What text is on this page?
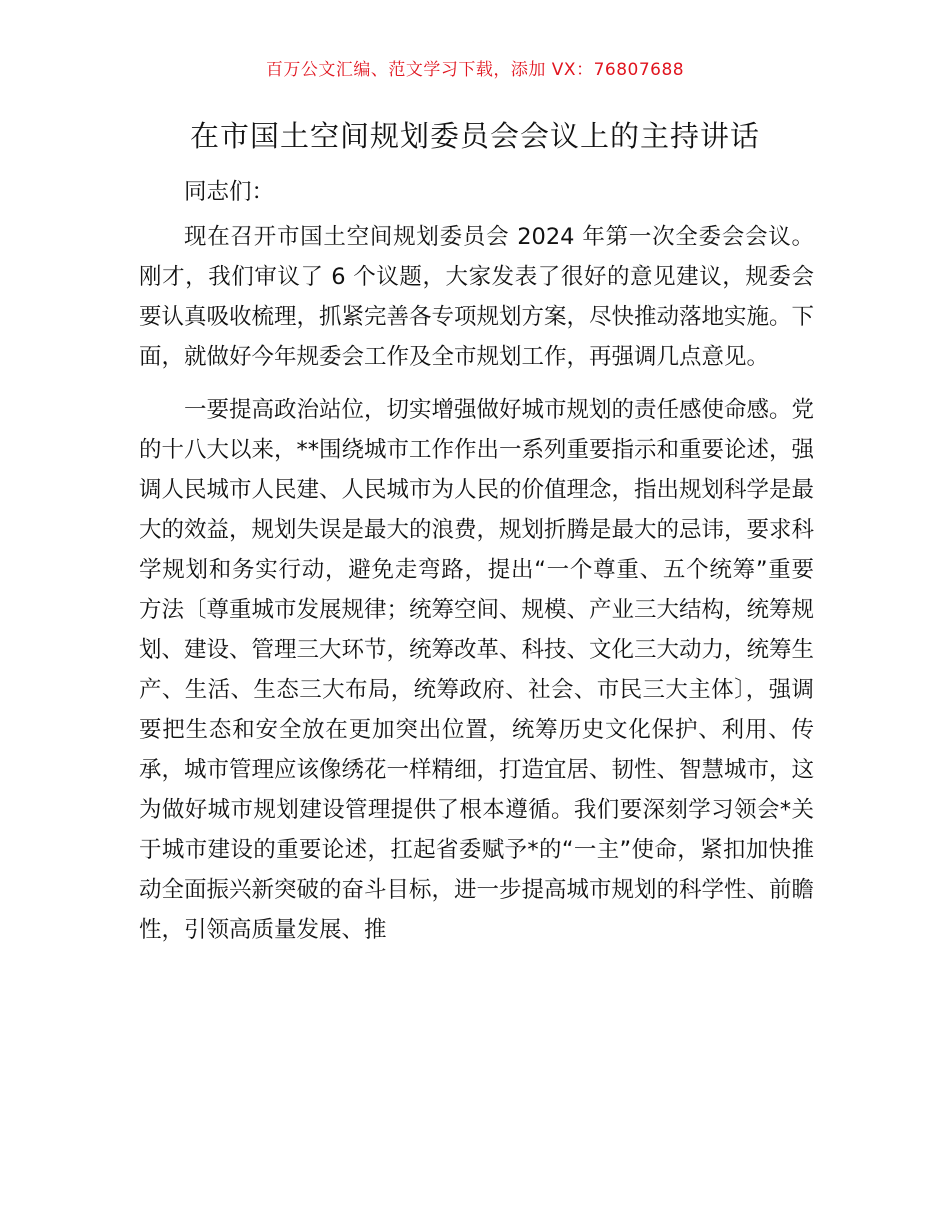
百万公文汇编、范文学习下载，添加 VX：76807688
在市国土空间规划委员会会议上的主持讲话

同志们：

现在召开市国土空间规划委员会 2024 年第一次全委会会议。刚才，我们审议了 6 个议题，大家发表了很好的意见建议，规委会要认真吸收梳理，抓紧完善各专项规划方案，尽快推动落地实施。下面，就做好今年规委会工作及全市规划工作，再强调几点意见。

一要提高政治站位，切实增强做好城市规划的责任感使命感。党的十八大以来，**围绕城市工作作出一系列重要指示和重要论述，强调人民城市人民建、人民城市为人民的价值理念，指出规划科学是最大的效益，规划失误是最大的浪费，规划折腾是最大的忌讳，要求科学规划和务实行动，避免走弯路，提出“一个尊重、五个统筹”重要方法〔尊重城市发展规律；统筹空间、规模、产业三大结构，统筹规划、建设、管理三大环节，统筹改革、科技、文化三大动力，统筹生产、生活、生态三大布局，统筹政府、社会、市民三大主体〕，强调要把生态和安全放在更加突出位置，统筹历史文化保护、利用、传承，城市管理应该像绣花一样精细，打造宜居、韧性、智慧城市，这为做好城市规划建设管理提供了根本遵循。我们要深刻学习领会*关于城市建设的重要论述，扛起省委赋予*的“一主”使命，紧扣加快推动全面振兴新突破的奋斗目标，进一步提高城市规划的科学性、前瞻性，引领高质量发展、推
